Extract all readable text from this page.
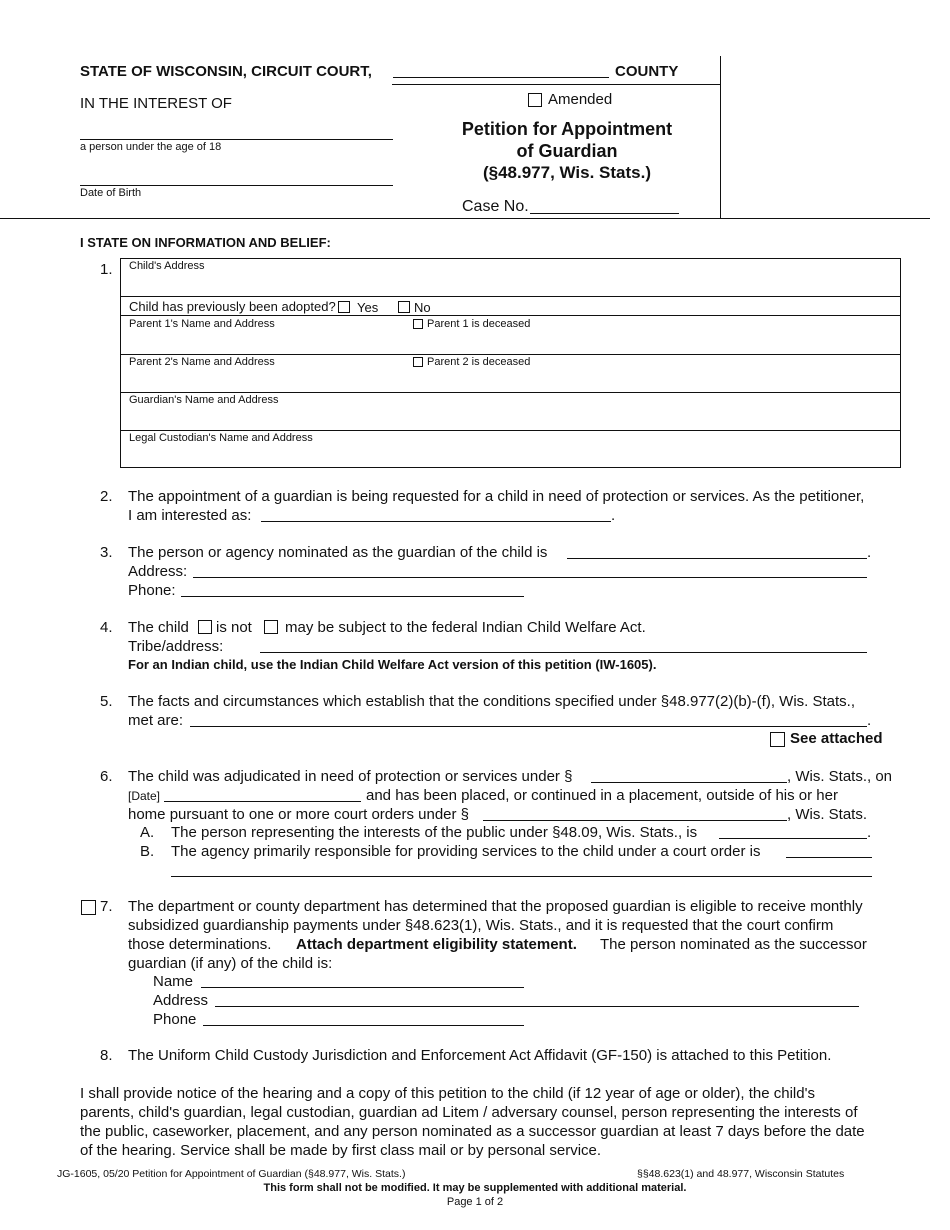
STATE OF WISCONSIN, CIRCUIT COURT,	COUNTY
IN THE INTEREST OF
a person under the age of 18
Date of Birth
Amended
Petition for Appointment
of Guardian
(§48.977, Wis. Stats.)
Case No.
I STATE ON INFORMATION AND BELIEF:
1. Child's Address
Child has previously been adopted? Yes	No
Parent 1's Name and Address	Parent 1 is deceased
Parent 2's Name and Address	Parent 2 is deceased
Guardian's Name and Address
Legal Custodian's Name and Address
2. The appointment of a guardian is being requested for a child in need of protection or services. As the petitioner,
I am interested as:	.
3. The person or agency nominated as the guardian of the child is	.
Address:
Phone:
4. The child is not may be subject to the federal Indian Child Welfare Act.
Tribe/address:
For an Indian child, use the Indian Child Welfare Act version of this petition (IW-1605).
5. The facts and circumstances which establish that the conditions specified under §48.977(2)(b)-(f), Wis. Stats.,
met are:	.
See attached
6. The child was adjudicated in need of protection or services under §	, Wis. Stats., on
[Date]	and has been placed, or continued in a placement, outside of his or her
home pursuant to one or more court orders under §	, Wis. Stats.
A. The person representing the interests of the public under §48.09, Wis. Stats., is	.
B. The agency primarily responsible for providing services to the child under a court order is
7. The department or county department has determined that the proposed guardian is eligible to receive monthly
subsidized guardianship payments under §48.623(1), Wis. Stats., and it is requested that the court confirm
those determinations. Attach department eligibility statement. The person nominated as the successor
guardian (if any) of the child is:
Name
Address
Phone
8. The Uniform Child Custody Jurisdiction and Enforcement Act Affidavit (GF-150) is attached to this Petition.
I shall provide notice of the hearing and a copy of this petition to the child (if 12 year of age or older), the child's
parents, child's guardian, legal custodian, guardian ad Litem / adversary counsel, person representing the interests of
the public, caseworker, placement, and any person nominated as a successor guardian at least 7 days before the date
of the hearing. Service shall be made by first class mail or by personal service.
JG-1605, 05/20 Petition for Appointment of Guardian (§48.977, Wis. Stats.)	§§48.623(1) and 48.977, Wisconsin Statutes
This form shall not be modified. It may be supplemented with additional material.
Page 1 of 2
